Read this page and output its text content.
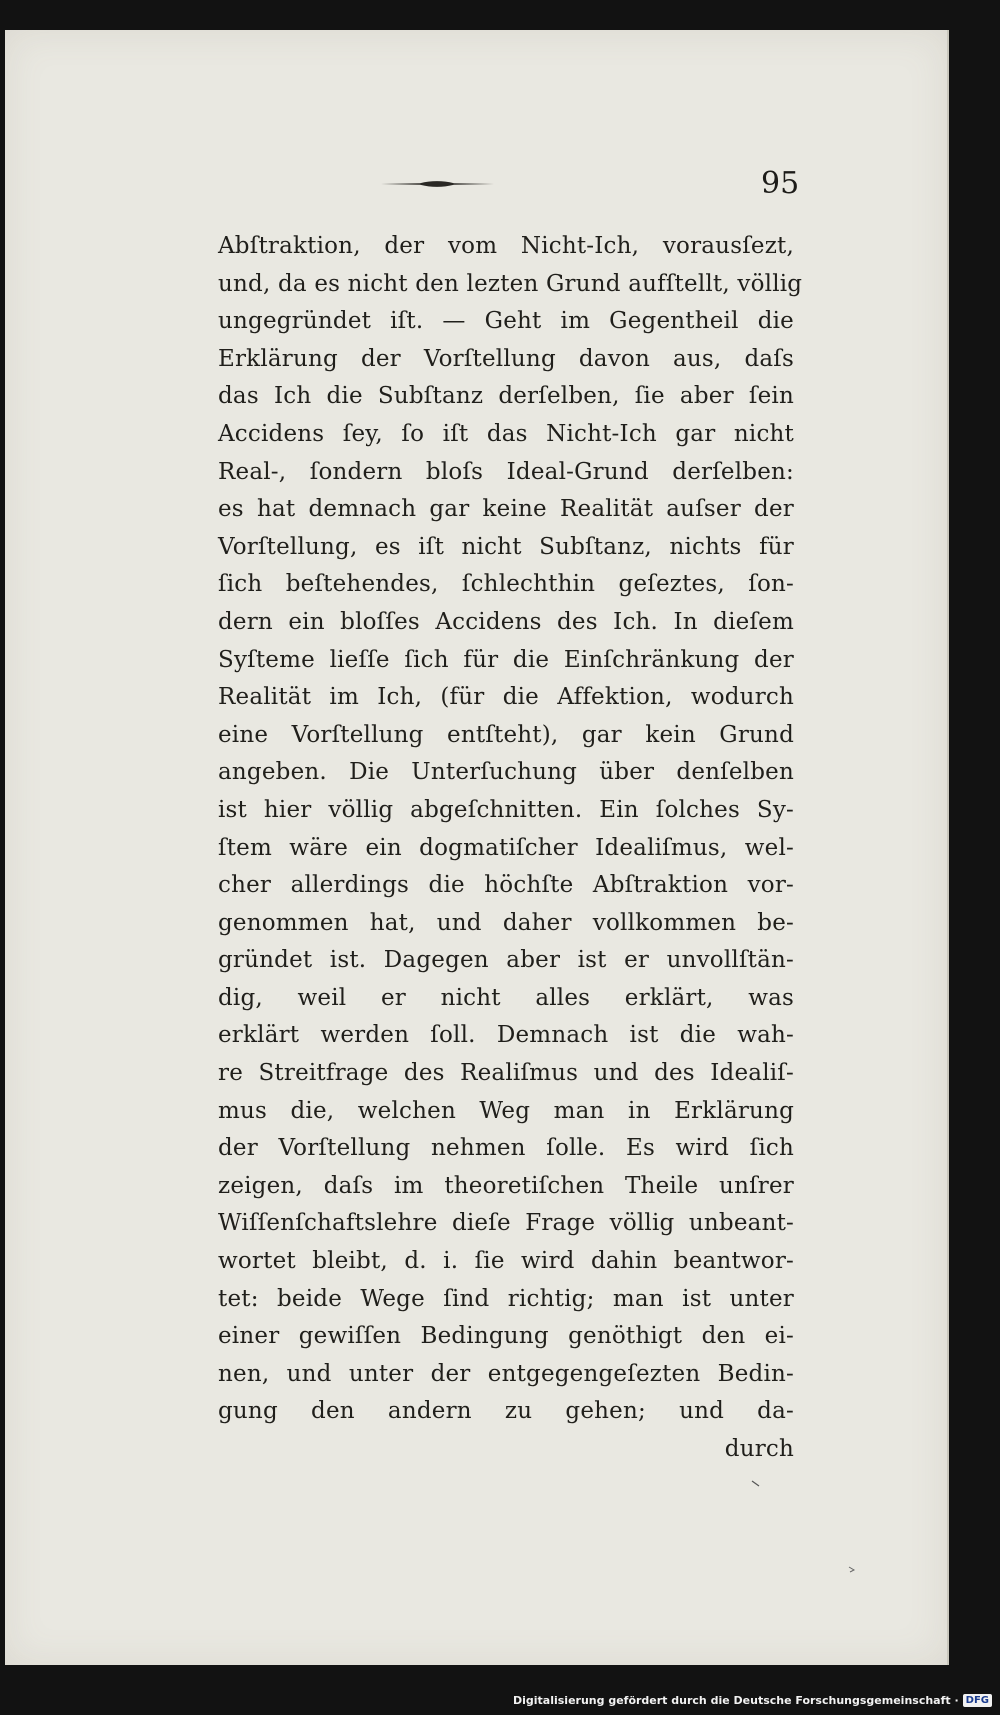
95
Abſtraktion, der vom Nicht-Ich, vorausſezt,
und, da es nicht den lezten Grund aufſtellt, völlig
ungegründet iſt. — Geht im Gegentheil die
Erklärung der Vorſtellung davon aus, daſs
das Ich die Subſtanz derſelben, ſie aber ſein
Accidens ſey, ſo iſt das Nicht-Ich gar nicht
Real-, ſondern bloſs Ideal-Grund derſelben:
es hat demnach gar keine Realität auſser der
Vorſtellung, es iſt nicht Subſtanz, nichts für
ſich beſtehendes, ſchlechthin geſeztes, ſon-
dern ein bloſſes Accidens des Ich. In dieſem
Syſteme lieſſe ſich für die Einſchränkung der
Realität im Ich, (für die Affektion, wodurch
eine Vorſtellung entſteht), gar kein Grund
angeben. Die Unterſuchung über denſelben
ist hier völlig abgeſchnitten. Ein ſolches Sy-
ſtem wäre ein dogmatiſcher Idealiſmus, wel-
cher allerdings die höchſte Abſtraktion vor-
genommen hat, und daher vollkommen be-
gründet ist. Dagegen aber ist er unvollſtän-
dig, weil er nicht alles erklärt, was
erklärt werden ſoll. Demnach ist die wah-
re Streitfrage des Realiſmus und des Idealiſ-
mus die, welchen Weg man in Erklärung
der Vorſtellung nehmen ſolle. Es wird ſich
zeigen, daſs im theoretiſchen Theile unſrer
Wiſſenſchaftslehre dieſe Frage völlig unbeant-
wortet bleibt, d. i. ſie wird dahin beantwor-
tet: beide Wege ſind richtig; man ist unter
einer gewiſſen Bedingung genöthigt den ei-
nen, und unter der entgegengeſezten Bedin-
gung den andern zu gehen; und da-
durch
Digitalisierung gefördert durch die Deutsche Forschungsgemeinschaft · DFG
